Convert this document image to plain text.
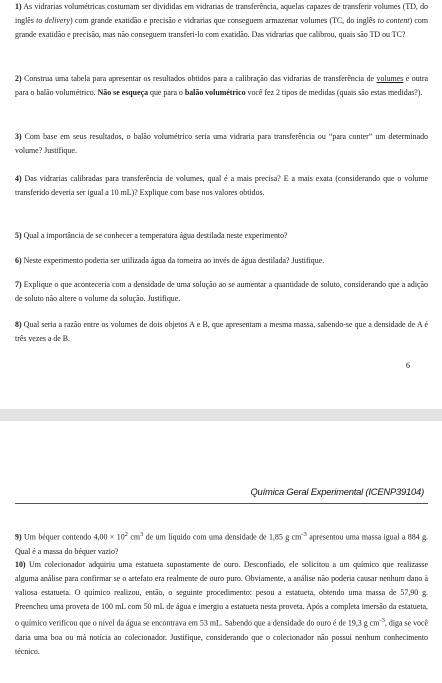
1) As vidrarias volumétricas costumam ser divididas em vidrarias de transferência, aquelas capazes de transferir volumes (TD, do inglês to delivery) com grande exatidão e precisão e vidrarias que conseguem armazenar volumes (TC, do inglês to content) com grande exatidão e precisão, mas não conseguem transferi-lo com exatidão. Das vidrarias que calibrou, quais são TD ou TC?

2) Construa uma tabela para apresentar os resultados obtidos para a calibração das vidrarias de transferência de volumes e outra para o balão volumétrico. Não se esqueça que para o balão volumétrico você fez 2 tipos de medidas (quais são estas medidas?).

3) Com base em seus resultados, o balão volumétrico seria uma vidraria para transferência ou “para conter” um determinado volume? Justifique.

4) Das vidrarias calibradas para transferência de volumes, qual é a mais precisa? E a mais exata (considerando que o volume transferido deveria ser igual a 10 mL)? Explique com base nos valores obtidos.

5) Qual a importância de se conhecer a temperatura água destilada neste experimento?

6) Neste experimento poderia ser utilizada água da torneira ao invés de água destilada? Justifique.

7) Explique o que aconteceria com a densidade de uma solução ao se aumentar a quantidade de soluto, considerando que a adição de soluto não altere o volume da solução. Justifique.

8) Qual seria a razão entre os volumes de dois objetos A e B, que apresentam a mesma massa, sabendo-se que a densidade de A é três vezes a de B.

6
Química Geral Experimental (ICENP39104)

9) Um béquer contendo $4,00 \times 10^2$ $cm^3$ de um líquido com uma densidade de 1,85 g $cm^{-3}$ apresentou uma massa igual a 884 g. Qual é a massa do béquer vazio?

10) Um colecionador adquiriu uma estatueta supostamente de ouro. Desconfiado, ele solicitou a um químico que realizasse alguma análise para confirmar se o artefato era realmente de ouro puro. Obviamente, a análise não poderia causar nenhum dano à valiosa estatueta. O químico realizou, então, o seguinte procedimento: pesou a estatueta, obtendo uma massa de 57,90 g. Preencheu uma proveta de 100 mL com 50 mL de água e imergiu a estatueta nesta proveta. Após a completa imersão da estatueta, o químico verificou que o nível da água se encontrava em 53 mL. Sabendo que a densidade do ouro é de 19,3 g $cm^{-3}$, diga se você daria uma boa ou má notícia ao colecionador. Justifique, considerando que o colecionador não possui nenhum conhecimento técnico.
